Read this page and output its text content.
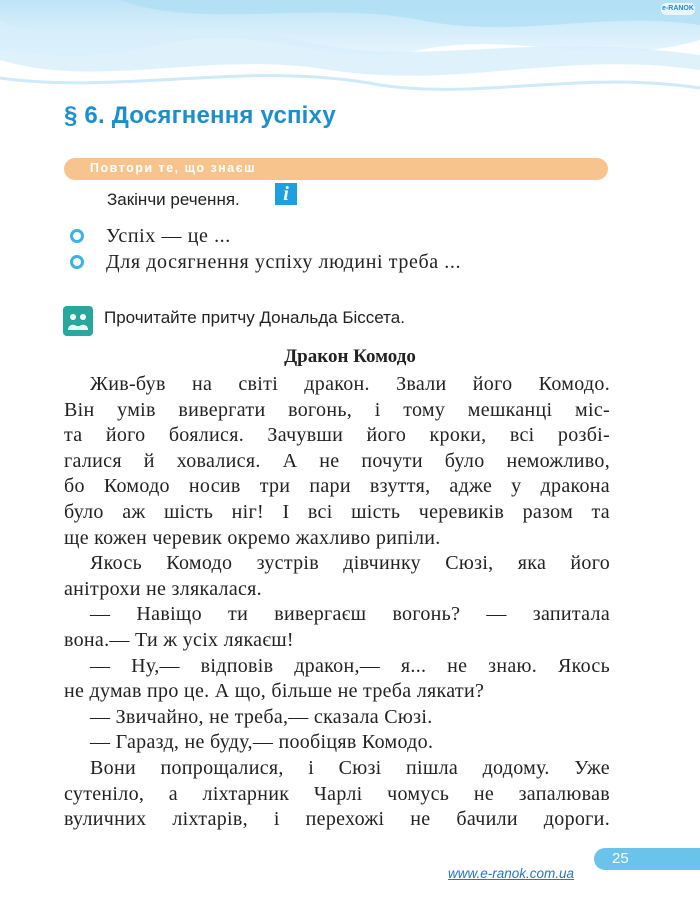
e-RANOK
§ 6. Досягнення успіху
Повтори те, що знаєш
Закінчи речення.	i
Успіх — це ...
Для досягнення успіху людині треба ...
Прочитайте притчу Дональда Біссета.
Дракон Комодо

Жив-був на світі дракон. Звали його Комодо.

Він умів вивергати вогонь, і тому мешканці міс-

та його боялися. Зачувши його кроки, всі розбі-

галися й ховалися. А не почути було неможливо,

бо Комодо носив три пари взуття, адже у дракона

було аж шість ніг! І всі шість черевиків разом та

ще кожен черевик окремо жахливо рипіли.

Якось Комодо зустрів дівчинку Сюзі, яка його

анітрохи не злякалася.

— Навіщо ти вивергаєш вогонь? — запитала

вона.— Ти ж усіх лякаєш!

— Ну,— відповів дракон,— я... не знаю. Якось

не думав про це. А що, більше не треба лякати?

— Звичайно, не треба,— сказала Сюзі.

— Гаразд, не буду,— пообіцяв Комодо.

Вони попрощалися, і Сюзі пішла додому. Уже

сутеніло, а ліхтарник Чарлі чомусь не запалював

вуличних ліхтарів, і перехожі не бачили дороги.

25
www.e-ranok.com.ua
